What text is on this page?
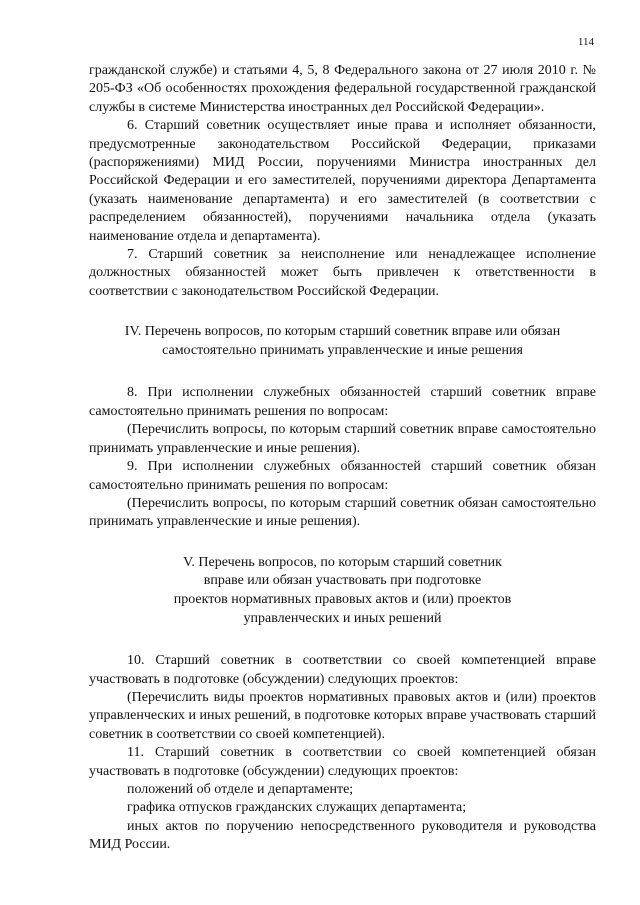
114

гражданской службе) и статьями 4, 5, 8 Федерального закона от 27 июля 2010 г. № 205-ФЗ «Об особенностях прохождения федеральной государственной гражданской службы в системе Министерства иностранных дел Российской Федерации».

6. Старший советник осуществляет иные права и исполняет обязанности, предусмотренные законодательством Российской Федерации, приказами (распоряжениями) МИД России, поручениями Министра иностранных дел Российской Федерации и его заместителей, поручениями директора Департамента (указать наименование департамента) и его заместителей (в соответствии с распределением обязанностей), поручениями начальника отдела (указать наименование отдела и департамента).

7. Старший советник за неисполнение или ненадлежащее исполнение должностных обязанностей может быть привлечен к ответственности в соответствии с законодательством Российской Федерации.

IV. Перечень вопросов, по которым старший советник вправе или обязан

самостоятельно принимать управленческие и иные решения

8. При исполнении служебных обязанностей старший советник вправе самостоятельно принимать решения по вопросам:

(Перечислить вопросы, по которым старший советник вправе самостоятельно принимать управленческие и иные решения).

9. При исполнении служебных обязанностей старший советник обязан самостоятельно принимать решения по вопросам:

(Перечислить вопросы, по которым старший советник обязан самостоятельно принимать управленческие и иные решения).

V. Перечень вопросов, по которым старший советник

вправе или обязан участвовать при подготовке

проектов нормативных правовых актов и (или) проектов

управленческих и иных решений

10. Старший советник в соответствии со своей компетенцией вправе участвовать в подготовке (обсуждении) следующих проектов:

(Перечислить виды проектов нормативных правовых актов и (или) проектов управленческих и иных решений, в подготовке которых вправе участвовать старший советник в соответствии со своей компетенцией).

11. Старший советник в соответствии со своей компетенцией обязан участвовать в подготовке (обсуждении) следующих проектов:

положений об отделе и департаменте;

графика отпусков гражданских служащих департамента;

иных актов по поручению непосредственного руководителя и руководства МИД России.
